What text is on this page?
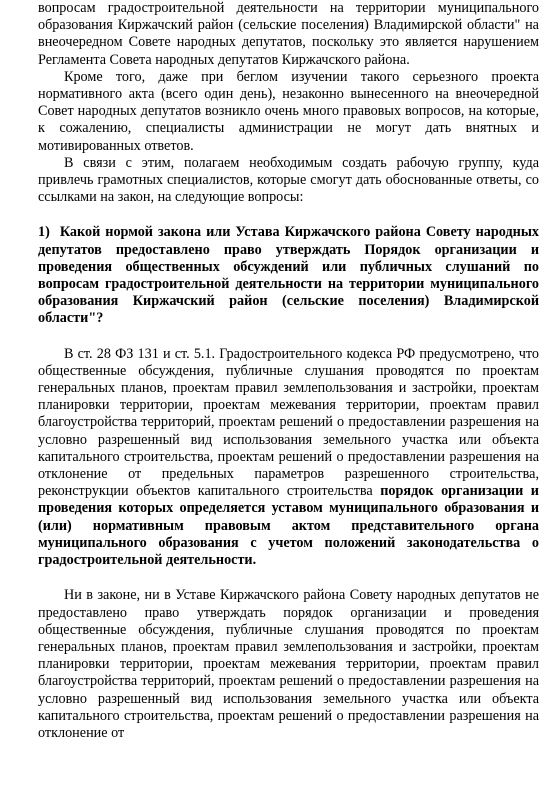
вопросам градостроительной деятельности на территории муниципального образования Киржачский район (сельские поселения) Владимирской области" на внеочередном Совете народных депутатов, поскольку это является нарушением Регламента Совета народных депутатов Киржачского района.

Кроме того, даже при беглом изучении такого серьезного проекта нормативного акта (всего один день), незаконно вынесенного на внеочередной Совет народных депутатов возникло очень много правовых вопросов, на которые, к сожалению, специалисты администрации не могут дать внятных и мотивированных ответов.

В связи с этим, полагаем необходимым создать рабочую группу, куда привлечь грамотных специалистов, которые смогут дать обоснованные ответы, со ссылками на закон, на следующие вопросы:

1) Какой нормой закона или Устава Киржачского района Совету народных депутатов предоставлено право утверждать Порядок организации и проведения общественных обсуждений или публичных слушаний по вопросам градостроительной деятельности на территории муниципального образования Киржачский район (сельские поселения) Владимирской области"?

В ст. 28 ФЗ 131 и ст. 5.1. Градостроительного кодекса РФ предусмотрено, что общественные обсуждения, публичные слушания проводятся по проектам генеральных планов, проектам правил землепользования и застройки, проектам планировки территории, проектам межевания территории, проектам правил благоустройства территорий, проектам решений о предоставлении разрешения на условно разрешенный вид использования земельного участка или объекта капитального строительства, проектам решений о предоставлении разрешения на отклонение от предельных параметров разрешенного строительства, реконструкции объектов капитального строительства порядок организации и проведения которых определяется уставом муниципального образования и (или) нормативным правовым актом представительного органа муниципального образования с учетом положений законодательства о градостроительной деятельности.

Ни в законе, ни в Уставе Киржачского района Совету народных депутатов не предоставлено право утверждать порядок организации и проведения общественные обсуждения, публичные слушания проводятся по проектам генеральных планов, проектам правил землепользования и застройки, проектам планировки территории, проектам межевания территории, проектам правил благоустройства территорий, проектам решений о предоставлении разрешения на условно разрешенный вид использования земельного участка или объекта капитального строительства, проектам решений о предоставлении разрешения на отклонение от
